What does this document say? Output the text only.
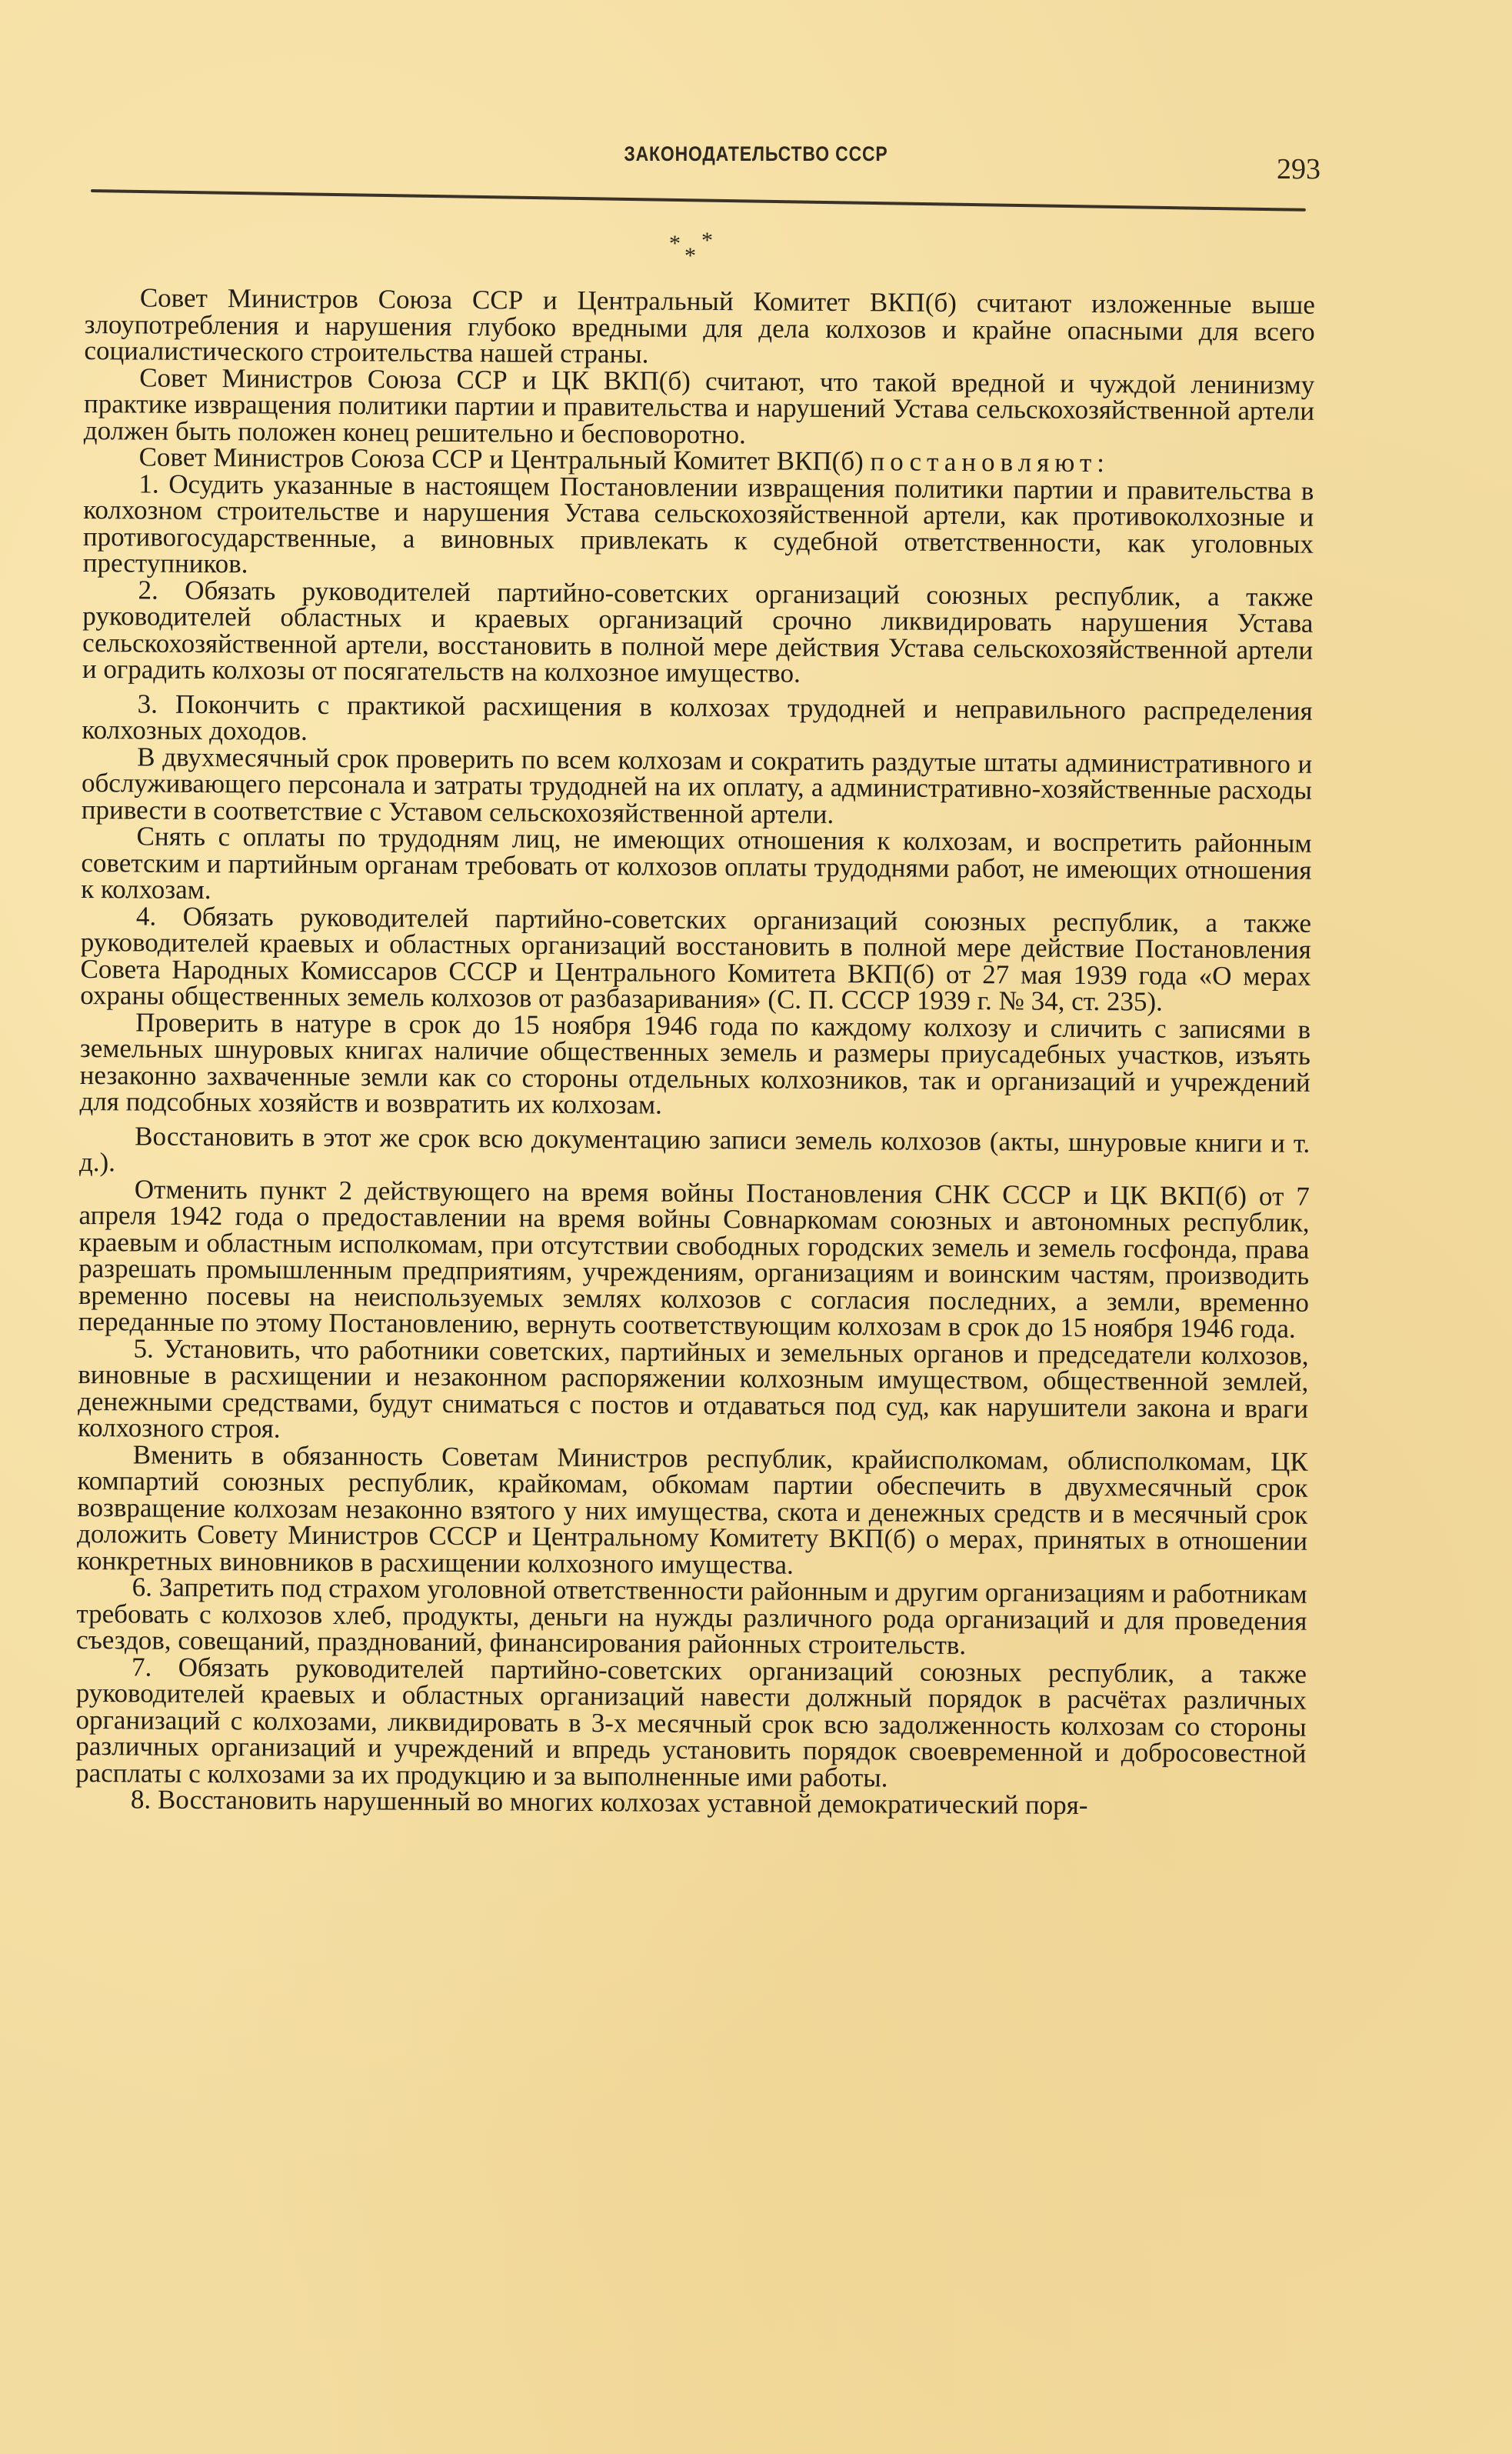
ЗАКОНОДАТЕЛЬСТВО СССР	293
* *
*

Совет Министров Союза ССР и Центральный Комитет ВКП(б) считают изложенные выше злоупотребления и нарушения глубоко вредными для дела колхозов и крайне опасными для всего социалистического строительства нашей страны.

Совет Министров Союза ССР и ЦК ВКП(б) считают, что такой вредной и чуждой ленинизму практике извращения политики партии и правительства и нарушений Устава сельскохозяйственной артели должен быть положен конец решительно и бесповоротно.

Совет Министров Союза ССР и Центральный Комитет ВКП(б) постановляют:

1. Осудить указанные в настоящем Постановлении извращения политики партии и правительства в колхозном строительстве и нарушения Устава сельскохозяйственной артели, как противоколхозные и противогосударственные, а виновных привлекать к судебной ответственности, как уголовных преступников.

2. Обязать руководителей партийно-советских организаций союзных республик, а также руководителей областных и краевых организаций срочно ликвидировать нарушения Устава сельскохозяйственной артели, восстановить в полной мере действия Устава сельскохозяйственной артели и оградить колхозы от посягательств на колхозное имущество.

3. Покончить с практикой расхищения в колхозах трудодней и неправильного распределения колхозных доходов.

В двухмесячный срок проверить по всем колхозам и сократить раздутые штаты административного и обслуживающего персонала и затраты трудодней на их оплату, а административно-хозяйственные расходы привести в соответствие с Уставом сельскохозяйственной артели.

Снять с оплаты по трудодням лиц, не имеющих отношения к колхозам, и воспретить районным советским и партийным органам требовать от колхозов оплаты трудоднями работ, не имеющих отношения к колхозам.

4. Обязать руководителей партийно-советских организаций союзных республик, а также руководителей краевых и областных организаций восстановить в полной мере действие Постановления Совета Народных Комиссаров СССР и Центрального Комитета ВКП(б) от 27 мая 1939 года «О мерах охраны общественных земель колхозов от разбазаривания» (С. П. СССР 1939 г. № 34, ст. 235).

Проверить в натуре в срок до 15 ноября 1946 года по каждому колхозу и сличить с записями в земельных шнуровых книгах наличие общественных земель и размеры приусадебных участков, изъять незаконно захваченные земли как со стороны отдельных колхозников, так и организаций и учреждений для подсобных хозяйств и возвратить их колхозам.

Восстановить в этот же срок всю документацию записи земель колхозов (акты, шнуровые книги и т. д.).

Отменить пункт 2 действующего на время войны Постановления СНК СССР и ЦК ВКП(б) от 7 апреля 1942 года о предоставлении на время войны Совнаркомам союзных и автономных республик, краевым и областным исполкомам, при отсутствии свободных городских земель и земель госфонда, права разрешать промышленным предприятиям, учреждениям, организациям и воинским частям, производить временно посевы на неиспользуемых землях колхозов с согласия последних, а земли, временно переданные по этому Постановлению, вернуть соответствующим колхозам в срок до 15 ноября 1946 года.

5. Установить, что работники советских, партийных и земельных органов и председатели колхозов, виновные в расхищении и незаконном распоряжении колхозным имуществом, общественной землей, денежными средствами, будут сниматься с постов и отдаваться под суд, как нарушители закона и враги колхозного строя.

Вменить в обязанность Советам Министров республик, крайисполкомам, облисполкомам, ЦК компартий союзных республик, крайкомам, обкомам партии обеспечить в двухмесячный срок возвращение колхозам незаконно взятого у них имущества, скота и денежных средств и в месячный срок доложить Совету Министров СССР и Центральному Комитету ВКП(б) о мерах, принятых в отношении конкретных виновников в расхищении колхозного имущества.

6. Запретить под страхом уголовной ответственности районным и другим организациям и работникам требовать с колхозов хлеб, продукты, деньги на нужды различного рода организаций и для проведения съездов, совещаний, празднований, финансирования районных строительств.

7. Обязать руководителей партийно-советских организаций союзных республик, а также руководителей краевых и областных организаций навести должный порядок в расчётах различных организаций с колхозами, ликвидировать в 3-х месячный срок всю задолженность колхозам со стороны различных организаций и учреждений и впредь установить порядок своевременной и добросовестной расплаты с колхозами за их продукцию и за выполненные ими работы.

8. Восстановить нарушенный во многих колхозах уставной демократический поря-
